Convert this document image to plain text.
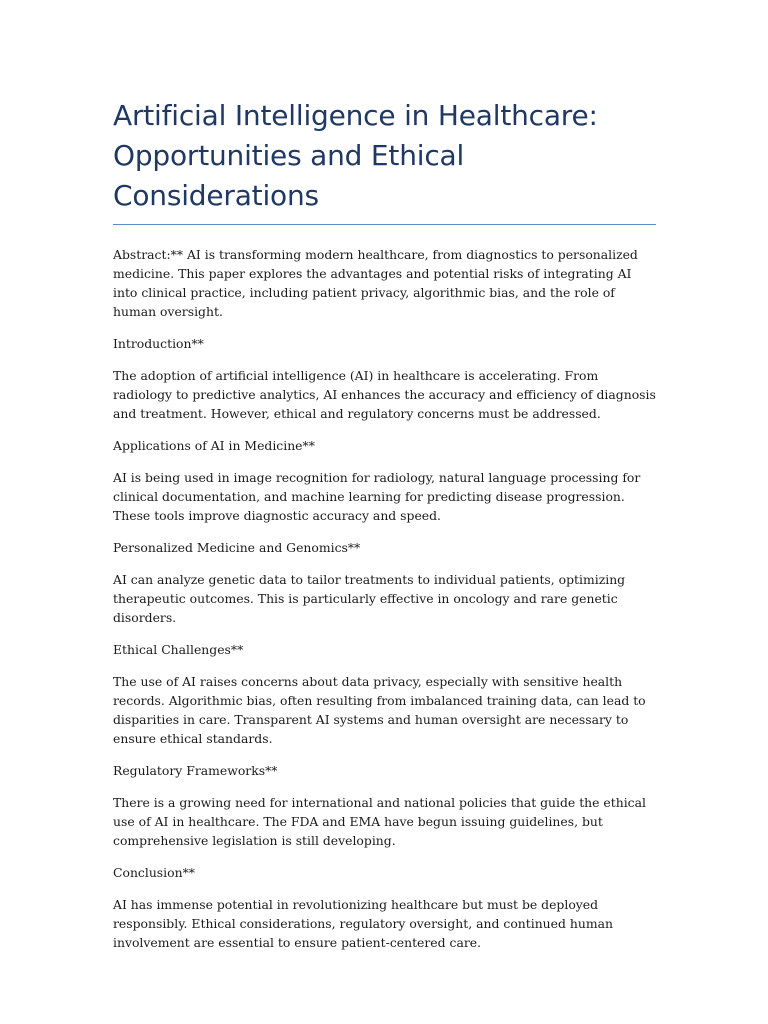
Artificial Intelligence in Healthcare: Opportunities and Ethical Considerations

Abstract:** AI is transforming modern healthcare, from diagnostics to personalized medicine. This paper explores the advantages and potential risks of integrating AI into clinical practice, including patient privacy, algorithmic bias, and the role of human oversight.

Introduction**

The adoption of artificial intelligence (AI) in healthcare is accelerating. From radiology to predictive analytics, AI enhances the accuracy and efficiency of diagnosis and treatment. However, ethical and regulatory concerns must be addressed.

Applications of AI in Medicine**

AI is being used in image recognition for radiology, natural language processing for clinical documentation, and machine learning for predicting disease progression. These tools improve diagnostic accuracy and speed.

Personalized Medicine and Genomics**

AI can analyze genetic data to tailor treatments to individual patients, optimizing therapeutic outcomes. This is particularly effective in oncology and rare genetic disorders.

Ethical Challenges**

The use of AI raises concerns about data privacy, especially with sensitive health records. Algorithmic bias, often resulting from imbalanced training data, can lead to disparities in care. Transparent AI systems and human oversight are necessary to ensure ethical standards.

Regulatory Frameworks**

There is a growing need for international and national policies that guide the ethical use of AI in healthcare. The FDA and EMA have begun issuing guidelines, but comprehensive legislation is still developing.

Conclusion**

AI has immense potential in revolutionizing healthcare but must be deployed responsibly. Ethical considerations, regulatory oversight, and continued human involvement are essential to ensure patient-centered care.
